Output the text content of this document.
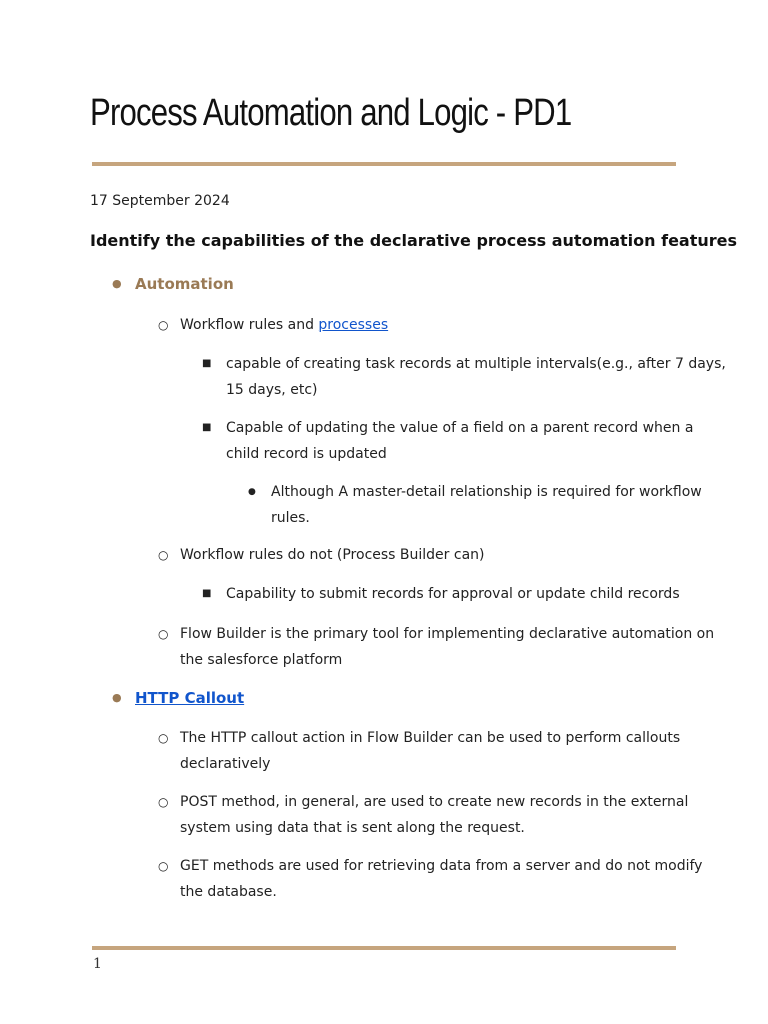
Process Automation and Logic - PD1
17 September 2024
Identify the capabilities of the declarative process automation features
● Automation
○ Workflow rules and processes
■ capable of creating task records at multiple intervals(e.g., after 7 days,
15 days, etc)
■ Capable of updating the value of a field on a parent record when a
child record is updated
● Although A master-detail relationship is required for workflow
rules.
○ Workflow rules do not (Process Builder can)
■ Capability to submit records for approval or update child records
○ Flow Builder is the primary tool for implementing declarative automation on
the salesforce platform
● HTTP Callout
○ The HTTP callout action in Flow Builder can be used to perform callouts
declaratively
○ POST method, in general, are used to create new records in the external
system using data that is sent along the request.
○ GET methods are used for retrieving data from a server and do not modify
the database.
1
